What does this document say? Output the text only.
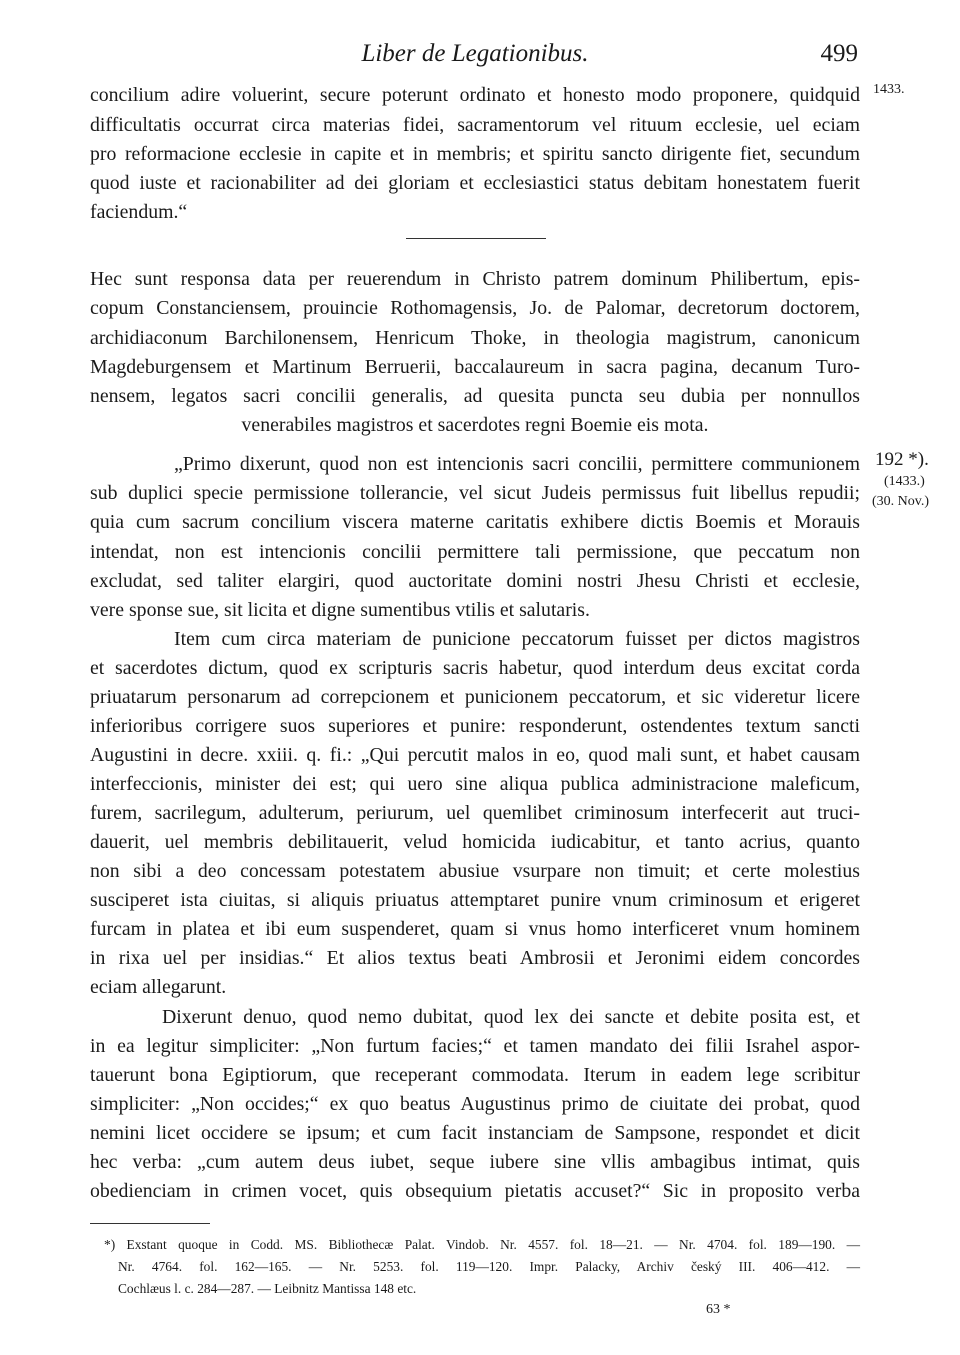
Liber de Legationibus.	499
1433.
concilium adire voluerint, secure poterunt ordinato et honesto modo proponere, quidquid
difficultatis occurrat circa materias fidei, sacramentorum vel rituum ecclesie, uel eciam
pro reformacione ecclesie in capite et in membris; et spiritu sancto dirigente fiet, secundum
quod iuste et racionabiliter ad dei gloriam et ecclesiastici status debitam honestatem fuerit
faciendum.“
Hec sunt responsa data per reuerendum in Christo patrem dominum Philibertum, epis-
copum Constanciensem, prouincie Rothomagensis, Jo. de Palomar, decretorum doctorem,
archidiaconum Barchilonensem, Henricum Thoke, in theologia magistrum, canonicum
Magdeburgensem et Martinum Berruerii, baccalaureum in sacra pagina, decanum Turo-
nensem, legatos sacri concilii generalis, ad quesita puncta seu dubia per nonnullos
venerabiles magistros et sacerdotes regni Boemie eis mota.
192 *).
(1433.)
(30. Nov.)
„Primo dixerunt, quod non est intencionis sacri concilii, permittere communionem
sub duplici specie permissione tollerancie, vel sicut Judeis permissus fuit libellus repudii;
quia cum sacrum concilium viscera materne caritatis exhibere dictis Boemis et Morauis
intendat, non est intencionis concilii permittere tali permissione, que peccatum non
excludat, sed taliter elargiri, quod auctoritate domini nostri Jhesu Christi et ecclesie,
vere sponse sue, sit licita et digne sumentibus vtilis et salutaris.
Item cum circa materiam de punicione peccatorum fuisset per dictos magistros
et sacerdotes dictum, quod ex scripturis sacris habetur, quod interdum deus excitat corda
priuatarum personarum ad correpcionem et punicionem peccatorum, et sic videretur licere
inferioribus corrigere suos superiores et punire: responderunt, ostendentes textum sancti
Augustini in decre. xxiii. q. fi.: „Qui percutit malos in eo, quod mali sunt, et habet causam
interfeccionis, minister dei est; qui uero sine aliqua publica administracione maleficum,
furem, sacrilegum, adulterum, periurum, uel quemlibet criminosum interfecerit aut truci-
dauerit, uel membris debilitauerit, velud homicida iudicabitur, et tanto acrius, quanto
non sibi a deo concessam potestatem abusiue vsurpare non timuit; et certe molestius
susciperet ista ciuitas, si aliquis priuatus attemptaret punire vnum criminosum et erigeret
furcam in platea et ibi eum suspenderet, quam si vnus homo interficeret vnum hominem
in rixa uel per insidias.“ Et alios textus beati Ambrosii et Jeronimi eidem concordes
eciam allegarunt.
Dixerunt denuo, quod nemo dubitat, quod lex dei sancte et debite posita est, et
in ea legitur simpliciter: „Non furtum facies;“ et tamen mandato dei filii Israhel aspor-
tauerunt bona Egiptiorum, que receperant commodata. Iterum in eadem lege scribitur
simpliciter: „Non occides;“ ex quo beatus Augustinus primo de ciuitate dei probat, quod
nemini licet occidere se ipsum; et cum facit instanciam de Sampsone, respondet et dicit
hec verba: „cum autem deus iubet, seque iubere sine vllis ambagibus intimat, quis
obedienciam in crimen vocet, quis obsequium pietatis accuset?“ Sic in proposito verba
*) Exstant quoque in Codd. MS. Bibliothecæ Palat. Vindob. Nr. 4557. fol. 18—21. — Nr. 4704. fol. 189—190. —
Nr. 4764. fol. 162—165. — Nr. 5253. fol. 119—120. Impr. Palacky, Archiv český III. 406—412. —
Cochlæus l. c. 284—287. — Leibnitz Mantissa 148 etc.
63 *
